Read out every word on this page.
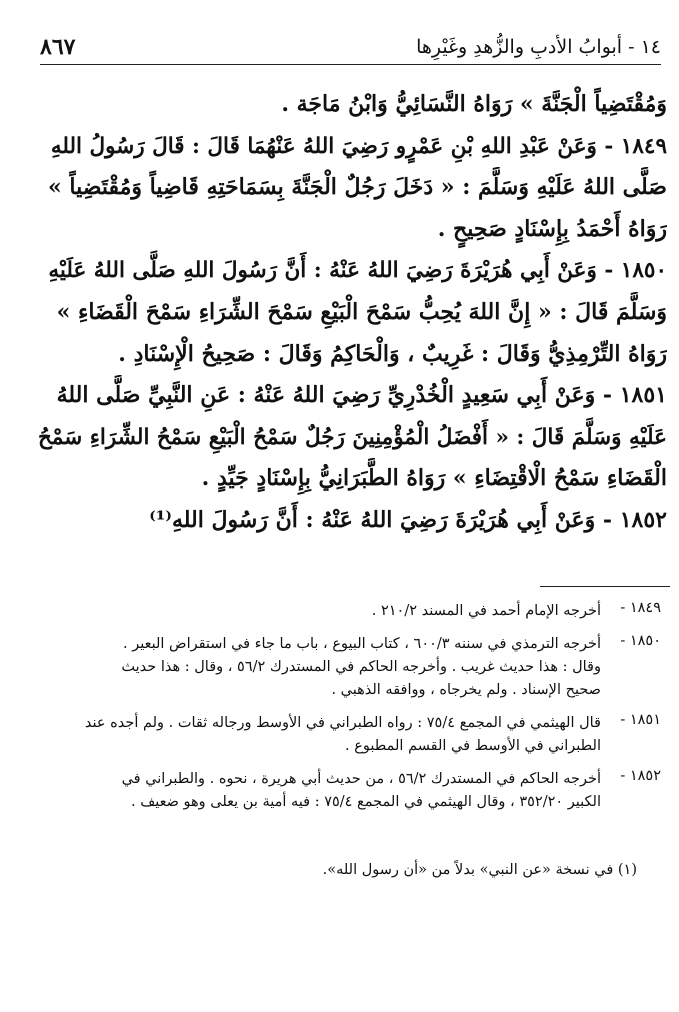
٨٦٧	١٤ - أبوابُ الأدبِ والزُّهدِ وغَيْرِها
وَمُقْتَضِياً الْجَنَّةَ » رَوَاهُ النَّسَائِيُّ وَابْنُ مَاجَة .
١٨٤٩ - وَعَنْ عَبْدِ اللهِ بْنِ عَمْرٍو رَضِيَ اللهُ عَنْهُمَا قَالَ : قَالَ رَسُولُ اللهِ
صَلَّى اللهُ عَلَيْهِ وَسَلَّمَ : « دَخَلَ رَجُلٌ الْجَنَّةَ بِسَمَاحَتِهِ قَاضِياً وَمُقْتَضِياً »
رَوَاهُ أَحْمَدُ بِإِسْنَادٍ صَحِيحٍ .
١٨٥٠ - وَعَنْ أَبِي هُرَيْرَةَ رَضِيَ اللهُ عَنْهُ : أَنَّ رَسُولَ اللهِ صَلَّى اللهُ عَلَيْهِ
وَسَلَّمَ قَالَ : « إِنَّ اللهَ يُحِبُّ سَمْحَ الْبَيْعِ سَمْحَ الشِّرَاءِ سَمْحَ الْقَضَاءِ »
رَوَاهُ التِّرْمِذِيُّ وَقَالَ : غَرِيبٌ ، وَالْحَاكِمُ وَقَالَ : صَحِيحُ الْإِسْنَادِ .
١٨٥١ - وَعَنْ أَبِي سَعِيدٍ الْخُدْرِيِّ رَضِيَ اللهُ عَنْهُ : عَنِ النَّبِيِّ صَلَّى اللهُ
عَلَيْهِ وَسَلَّمَ قَالَ : « أَفْضَلُ الْمُؤْمِنِينَ رَجُلٌ سَمْحُ الْبَيْعِ سَمْحُ الشِّرَاءِ سَمْحُ
الْقَضَاءِ سَمْحُ الْاقْتِضَاءِ » رَوَاهُ الطَّبَرَانِيُّ بِإِسْنَادٍ جَيِّدٍ .
١٨٥٢ - وَعَنْ أَبِي هُرَيْرَةَ رَضِيَ اللهُ عَنْهُ : أَنَّ رَسُولَ اللهِ⁽¹⁾
١٨٤٩ -
أخرجه الإمام أحمد في المسند ٢١٠/٢ .
١٨٥٠ -
أخرجه الترمذي في سننه ٦٠٠/٣ ، كتاب البيوع ، باب ما جاء في استقراض البعير .
وقال : هذا حديث غريب . وأخرجه الحاكم في المستدرك ٥٦/٢ ، وقال : هذا حديث
صحيح الإسناد . ولم يخرجاه ، ووافقه الذهبي .
١٨٥١ -
قال الهيثمي في المجمع ٧٥/٤ : رواه الطبراني في الأوسط ورجاله ثقات . ولم أجده عند
الطبراني في الأوسط في القسم المطبوع .
١٨٥٢ -
أخرجه الحاكم في المستدرك ٥٦/٢ ، من حديث أبي هريرة ، نحوه . والطبراني في
الكبير ٣٥٢/٢٠ ، وقال الهيثمي في المجمع ٧٥/٤ : فيه أمية بن يعلى وهو ضعيف .
(١) في نسخة «عن النبي» بدلاً من «أن رسول الله».
